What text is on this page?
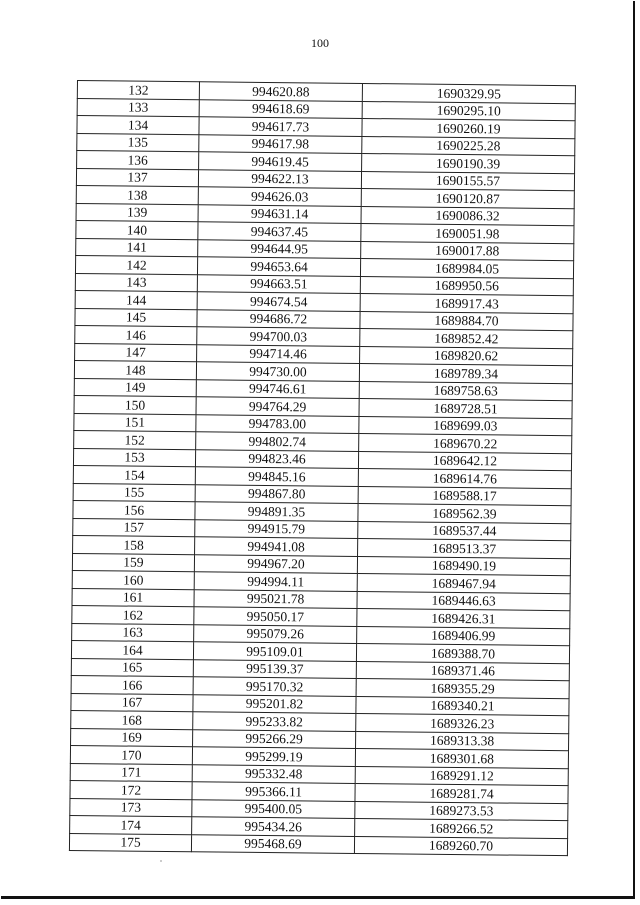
100
132	994620.88	1690329.95
133	994618.69	1690295.10
134	994617.73	1690260.19
135	994617.98	1690225.28
136	994619.45	1690190.39
137	994622.13	1690155.57
138	994626.03	1690120.87
139	994631.14	1690086.32
140	994637.45	1690051.98
141	994644.95	1690017.88
142	994653.64	1689984.05
143	994663.51	1689950.56
144	994674.54	1689917.43
145	994686.72	1689884.70
146	994700.03	1689852.42
147	994714.46	1689820.62
148	994730.00	1689789.34
149	994746.61	1689758.63
150	994764.29	1689728.51
151	994783.00	1689699.03
152	994802.74	1689670.22
153	994823.46	1689642.12
154	994845.16	1689614.76
155	994867.80	1689588.17
156	994891.35	1689562.39
157	994915.79	1689537.44
158	994941.08	1689513.37
159	994967.20	1689490.19
160	994994.11	1689467.94
161	995021.78	1689446.63
162	995050.17	1689426.31
163	995079.26	1689406.99
164	995109.01	1689388.70
165	995139.37	1689371.46
166	995170.32	1689355.29
167	995201.82	1689340.21
168	995233.82	1689326.23
169	995266.29	1689313.38
170	995299.19	1689301.68
171	995332.48	1689291.12
172	995366.11	1689281.74
173	995400.05	1689273.53
174	995434.26	1689266.52
175	995468.69	1689260.70
